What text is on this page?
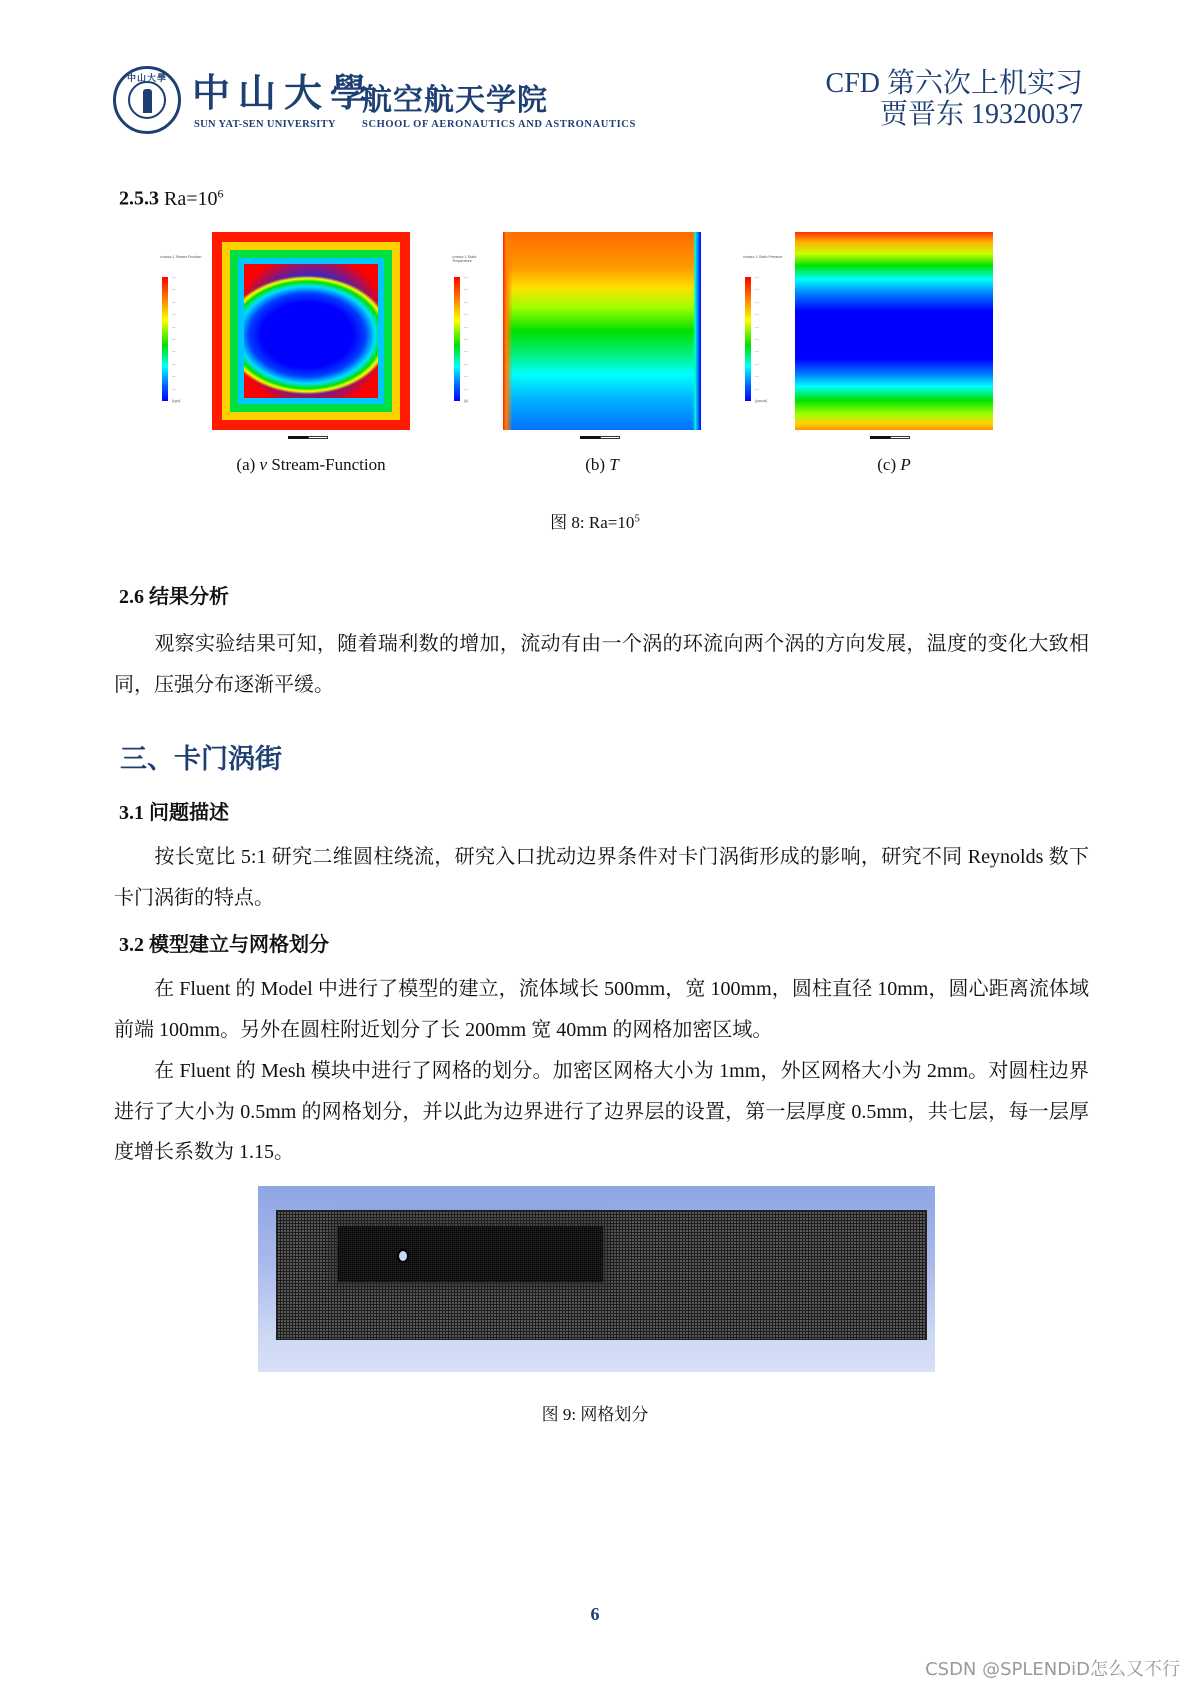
中山大學 中山大學
航空航天学院
SUN YAT-SEN UNIVERSITY SCHOOL OF AERONAUTICS AND ASTRONAUTICS
CFD 第六次上机实习
贾晋东 19320037
2.5.3 $Ra=10^6$
contour-1 Stream Function
—
—
—
—
—
—
—
—
—
—
[kg/s]
contour-1 Static Temperature
—
—
—
—
—
—
—
—
—
—
[k]
contour-1 Static Pressure
—
—
—
—
—
—
—
—
—
—
[pascal]
(a) v Stream-Function	(b) T	(c) P
图 8: $Ra=10^5$
2.6 结果分析
观察实验结果可知，随着瑞利数的增加，流动有由一个涡的环流向两个涡的方向发展，温度的变化大致相同，压强分布逐渐平缓。
三、卡门涡街
3.1 问题描述
按长宽比 5:1 研究二维圆柱绕流，研究入口扰动边界条件对卡门涡街形成的影响，研究不同 Reynolds 数下卡门涡街的特点。
3.2 模型建立与网格划分
在 Fluent 的 Model 中进行了模型的建立，流体域长 500mm，宽 100mm，圆柱直径 10mm，圆心距离流体域前端 100mm。另外在圆柱附近划分了长 200mm 宽 40mm 的网格加密区域。
在 Fluent 的 Mesh 模块中进行了网格的划分。加密区网格大小为 1mm，外区网格大小为 2mm。对圆柱边界进行了大小为 0.5mm 的网格划分，并以此为边界进行了边界层的设置，第一层厚度 0.5mm，共七层，每一层厚度增长系数为 1.15。
图 9: 网格划分
6
CSDN @SPLENDiD怎么又不行
